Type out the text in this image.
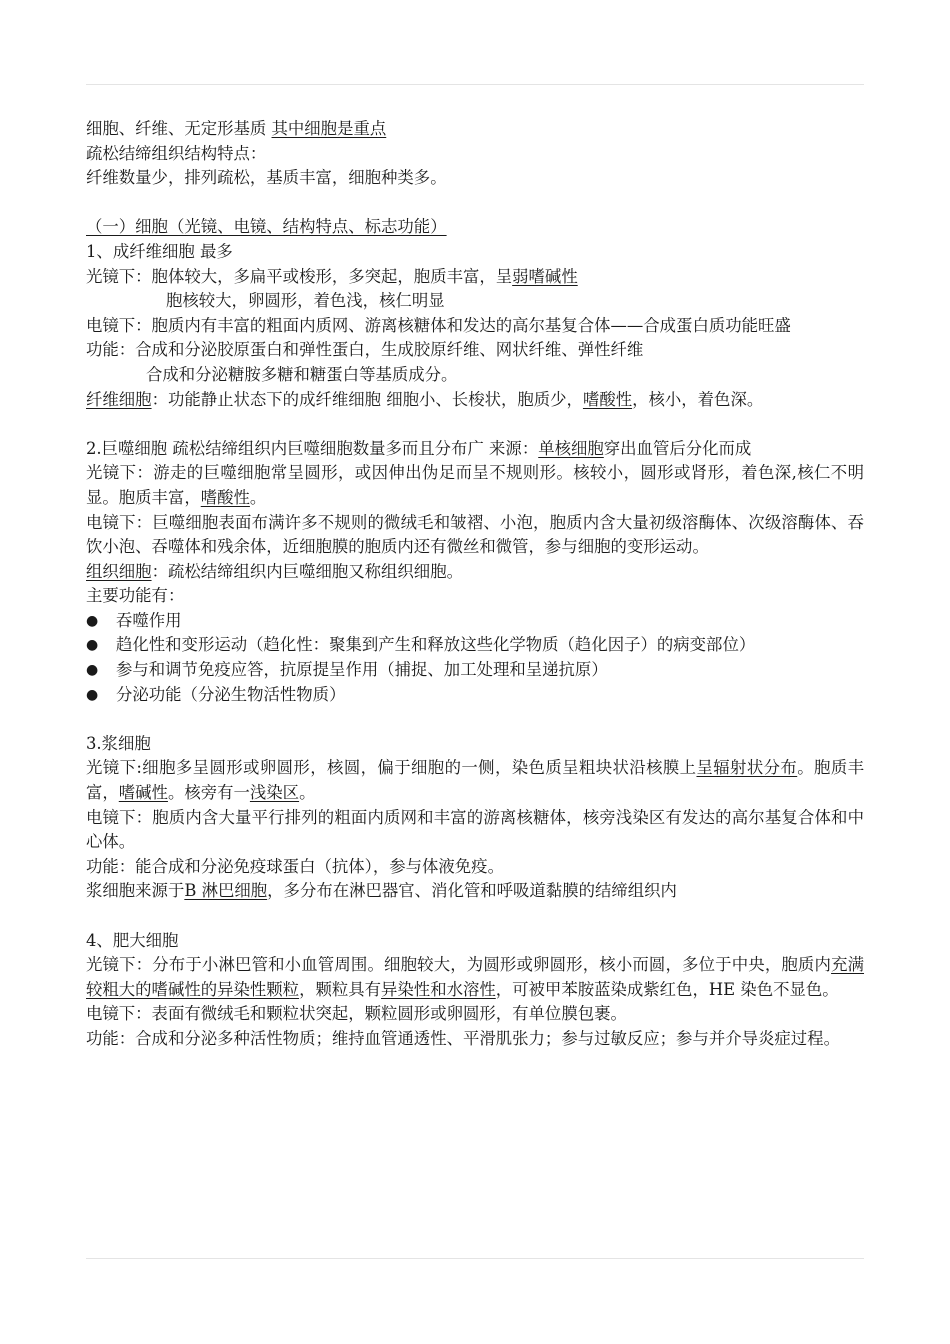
细胞、纤维、无定形基质 其中细胞是重点
疏松结缔组织结构特点：
纤维数量少，排列疏松，基质丰富，细胞种类多。
（一）细胞（光镜、电镜、结构特点、标志功能）
1、成纤维细胞 最多
光镜下：胞体较大，多扁平或梭形，多突起，胞质丰富，呈弱嗜碱性
胞核较大，卵圆形，着色浅，核仁明显
电镜下：胞质内有丰富的粗面内质网、游离核糖体和发达的高尔基复合体——合成蛋白质功能旺盛
功能：合成和分泌胶原蛋白和弹性蛋白，生成胶原纤维、网状纤维、弹性纤维
合成和分泌糖胺多糖和糖蛋白等基质成分。
纤维细胞：功能静止状态下的成纤维细胞 细胞小、长梭状，胞质少，嗜酸性，核小，着色深。
2.巨噬细胞 疏松结缔组织内巨噬细胞数量多而且分布广 来源：单核细胞穿出血管后分化而成
光镜下：游走的巨噬细胞常呈圆形，或因伸出伪足而呈不规则形。核较小，圆形或肾形，着色深,核仁不明显。胞质丰富，嗜酸性。
电镜下：巨噬细胞表面布满许多不规则的微绒毛和皱褶、小泡，胞质内含大量初级溶酶体、次级溶酶体、吞饮小泡、吞噬体和残余体，近细胞膜的胞质内还有微丝和微管，参与细胞的变形运动。
组织细胞：疏松结缔组织内巨噬细胞又称组织细胞。
主要功能有：
●	吞噬作用
●	趋化性和变形运动（趋化性：聚集到产生和释放这些化学物质（趋化因子）的病变部位）
●	参与和调节免疫应答，抗原提呈作用（捕捉、加工处理和呈递抗原）
●	分泌功能（分泌生物活性物质）
3.浆细胞
光镜下:细胞多呈圆形或卵圆形，核圆，偏于细胞的一侧，染色质呈粗块状沿核膜上呈辐射状分布。胞质丰富，嗜碱性。核旁有一浅染区。
电镜下：胞质内含大量平行排列的粗面内质网和丰富的游离核糖体，核旁浅染区有发达的高尔基复合体和中心体。
功能：能合成和分泌免疫球蛋白（抗体），参与体液免疫。
浆细胞来源于B 淋巴细胞，多分布在淋巴器官、消化管和呼吸道黏膜的结缔组织内
4、肥大细胞
光镜下：分布于小淋巴管和小血管周围。细胞较大，为圆形或卵圆形，核小而圆，多位于中央，胞质内充满较粗大的嗜碱性的异染性颗粒，颗粒具有异染性和水溶性，可被甲苯胺蓝染成紫红色，HE 染色不显色。
电镜下：表面有微绒毛和颗粒状突起，颗粒圆形或卵圆形，有单位膜包裹。
功能：合成和分泌多种活性物质；维持血管通透性、平滑肌张力；参与过敏反应；参与并介导炎症过程。
